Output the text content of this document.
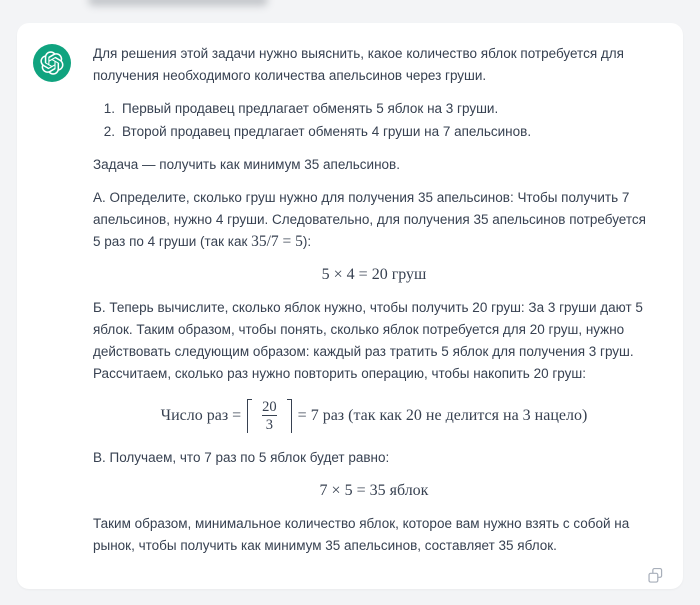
Для решения этой задачи нужно выяснить, какое количество яблок потребуется для получения необходимого количества апельсинов через груши.

1. Первый продавец предлагает обменять 5 яблок на 3 груши.
2. Второй продавец предлагает обменять 4 груши на 7 апельсинов.

Задача — получить как минимум 35 апельсинов.

А. Определите, сколько груш нужно для получения 35 апельсинов: Чтобы получить 7 апельсинов, нужно 4 груши. Следовательно, для получения 35 апельсинов потребуется 5 раз по 4 груши (так как 35/7 = 5):

5 × 4 = 20 груш

Б. Теперь вычислите, сколько яблок нужно, чтобы получить 20 груш: За 3 груши дают 5 яблок. Таким образом, чтобы понять, сколько яблок потребуется для 20 груш, нужно действовать следующим образом: каждый раз тратить 5 яблок для получения 3 груш. Рассчитаем, сколько раз нужно повторить операцию, чтобы накопить 20 груш:

Число раз = $\frac{20}{3} = 7$ раз (так как 20 не делится на 3 нацело)

В. Получаем, что 7 раз по 5 яблок будет равно:

7 × 5 = 35 яблок

Таким образом, минимальное количество яблок, которое вам нужно взять с собой на рынок, чтобы получить как минимум 35 апельсинов, составляет 35 яблок.
